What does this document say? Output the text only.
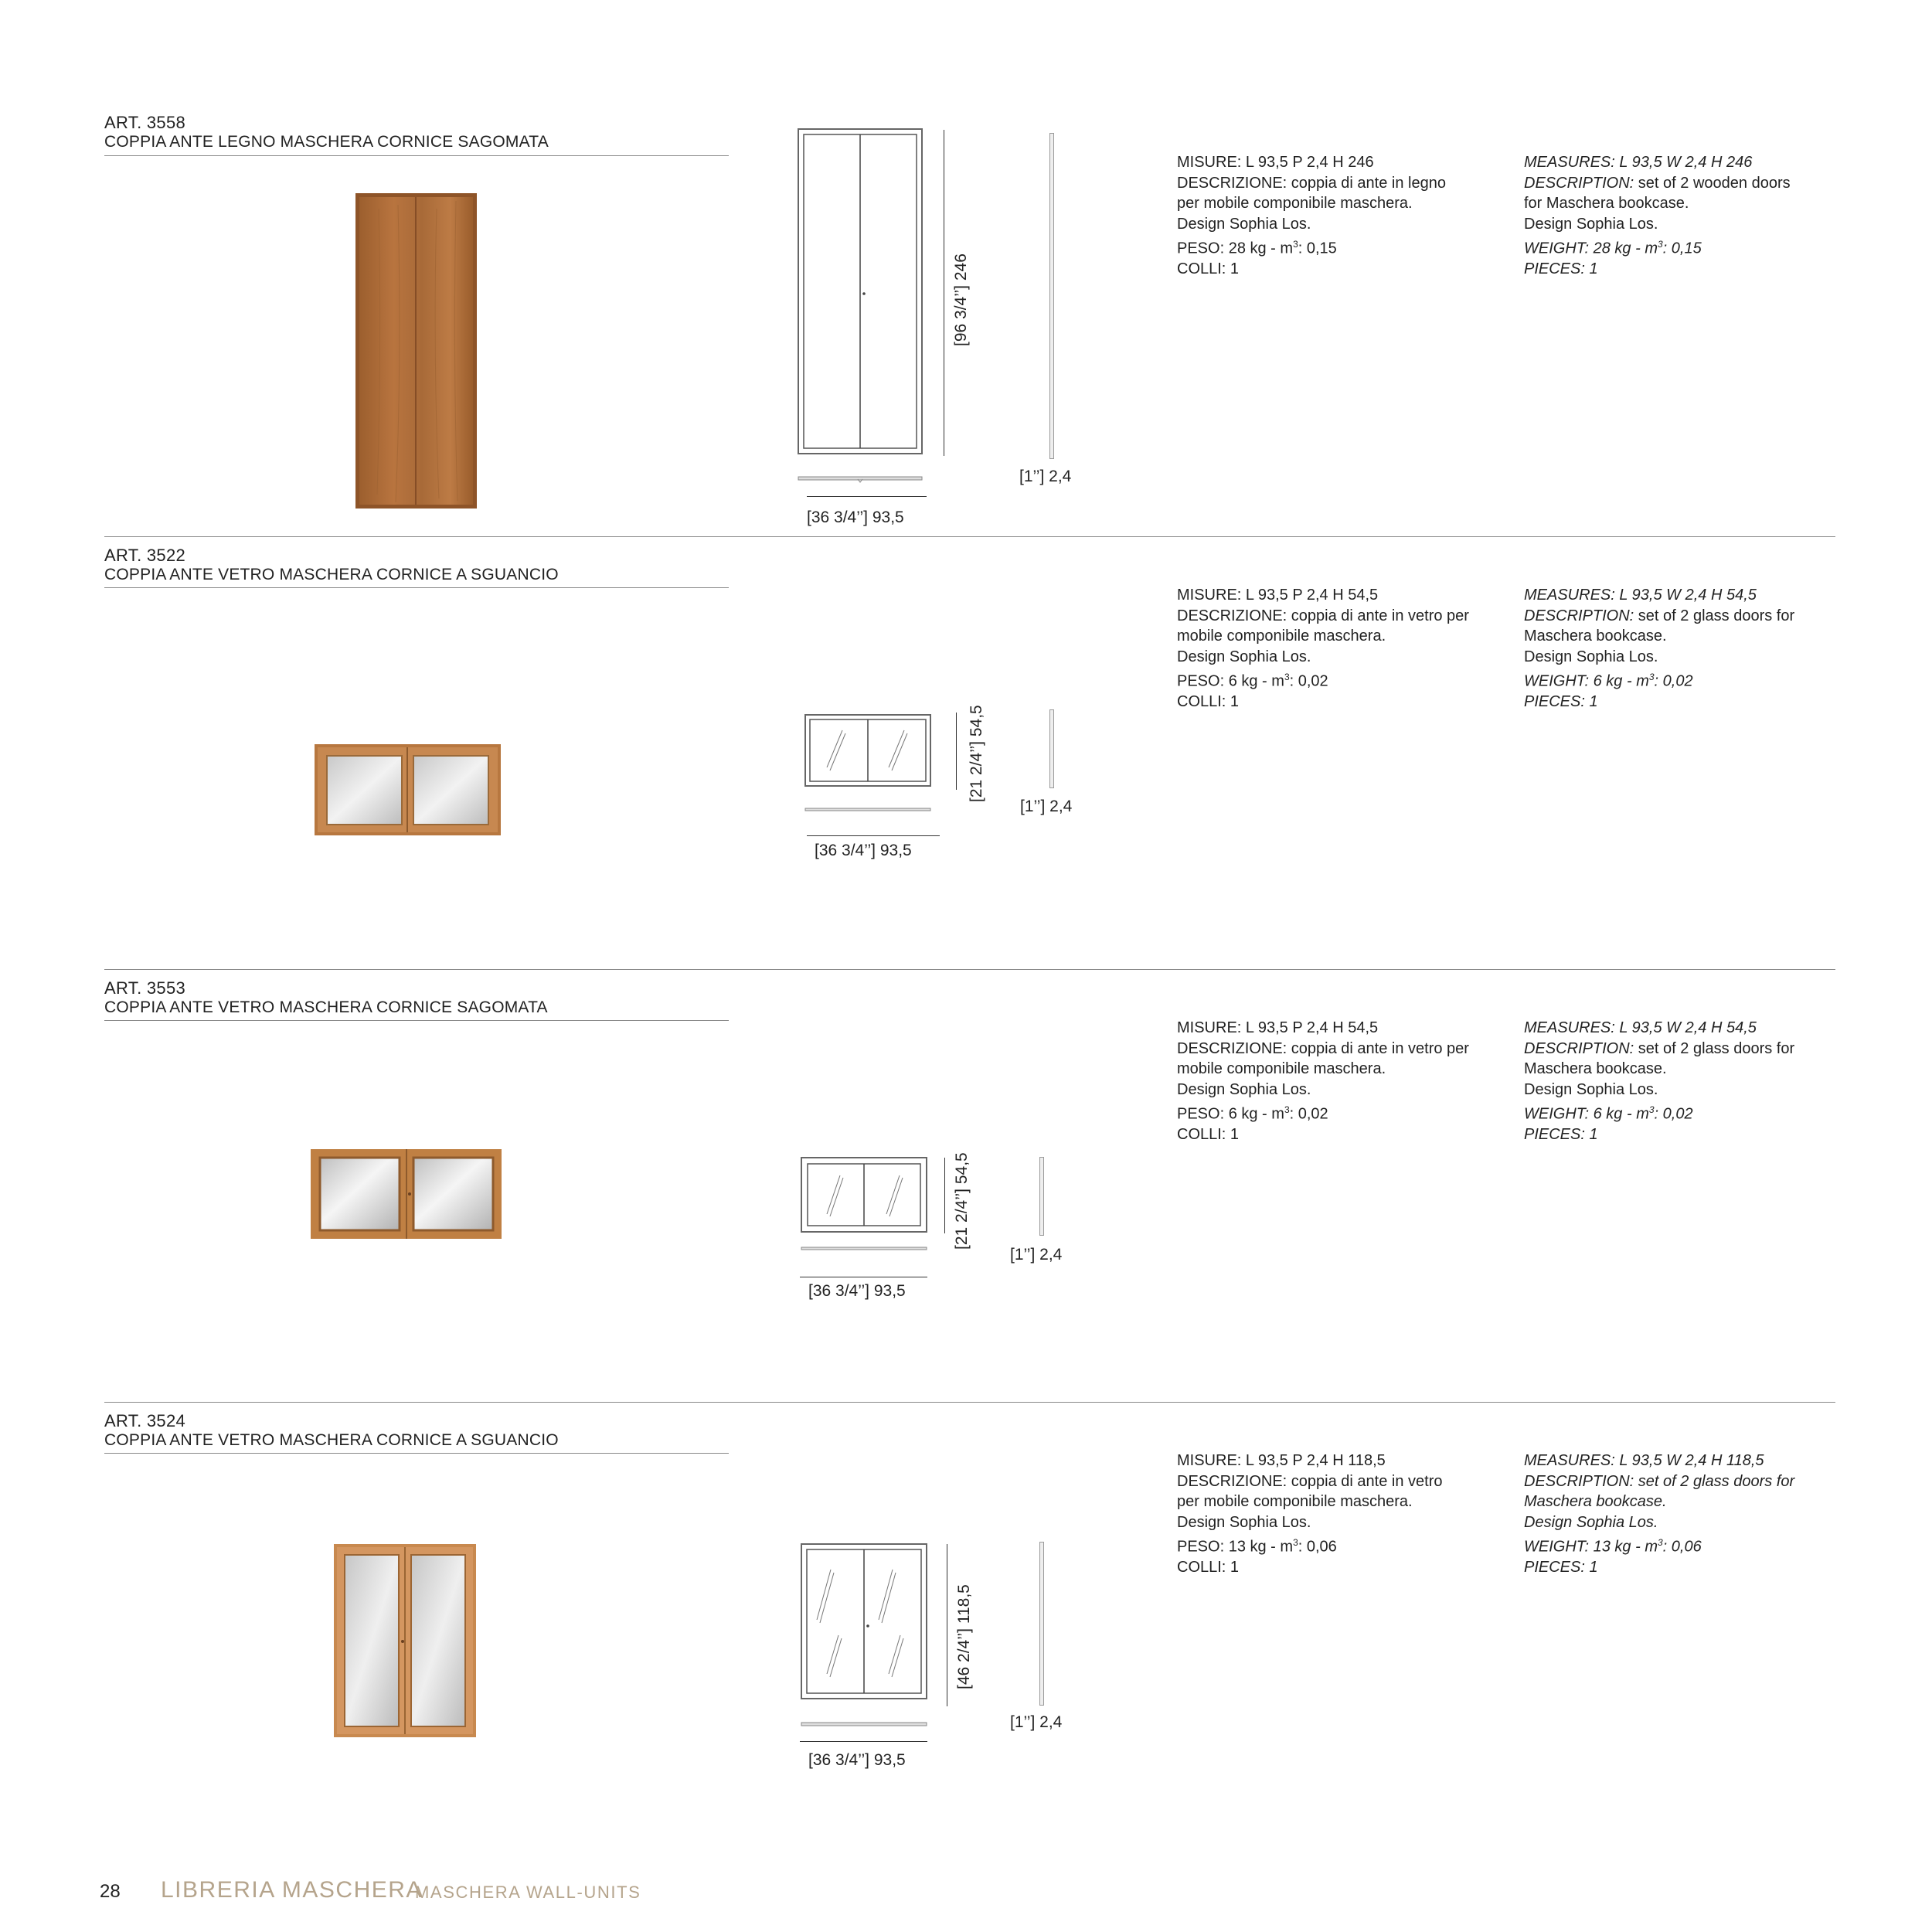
ART. 3558
COPPIA ANTE LEGNO MASCHERA CORNICE SAGOMATA
[96 3/4’’] 246
[36 3/4’’] 93,5
[1’’] 2,4
MISURE: L 93,5 P 2,4 H 246
DESCRIZIONE: coppia di ante in legno
per mobile componibile maschera.
Design Sophia Los.
PESO: 28 kg - $m^3$: 0,15
COLLI: 1
MEASURES: L 93,5 W 2,4 H 246
DESCRIPTION: set of 2 wooden doors
for Maschera bookcase.
Design Sophia Los.
WEIGHT: 28 kg - $m^3$: 0,15
PIECES: 1
ART. 3522
COPPIA ANTE VETRO MASCHERA CORNICE A SGUANCIO
[21 2/4’’] 54,5
[36 3/4’’] 93,5
[1’’] 2,4
MISURE: L 93,5 P 2,4 H 54,5
DESCRIZIONE: coppia di ante in vetro per
mobile componibile maschera.
Design Sophia Los.
PESO: 6 kg - $m^3$: 0,02
COLLI: 1
MEASURES: L 93,5 W 2,4 H 54,5
DESCRIPTION: set of 2 glass doors for
Maschera bookcase.
Design Sophia Los.
WEIGHT: 6 kg - $m^3$: 0,02
PIECES: 1
ART. 3553
COPPIA ANTE VETRO MASCHERA CORNICE SAGOMATA
[21 2/4’’] 54,5
[36 3/4’’] 93,5
[1’’] 2,4
MISURE: L 93,5 P 2,4 H 54,5
DESCRIZIONE: coppia di ante in vetro per
mobile componibile maschera.
Design Sophia Los.
PESO: 6 kg - $m^3$: 0,02
COLLI: 1
MEASURES: L 93,5 W 2,4 H 54,5
DESCRIPTION: set of 2 glass doors for
Maschera bookcase.
Design Sophia Los.
WEIGHT: 6 kg - $m^3$: 0,02
PIECES: 1
ART. 3524
COPPIA ANTE VETRO MASCHERA CORNICE A SGUANCIO
[46 2/4’’] 118,5
[36 3/4’’] 93,5
[1’’] 2,4
MISURE: L 93,5 P 2,4 H 118,5
DESCRIZIONE: coppia di ante in vetro
per mobile componibile maschera.
Design Sophia Los.
PESO: 13 kg - $m^3$: 0,06
COLLI: 1
MEASURES: L 93,5 W 2,4 H 118,5
DESCRIPTION: set of 2 glass doors for
Maschera bookcase.
Design Sophia Los.
WEIGHT: 13 kg - $m^3$: 0,06
PIECES: 1
28 LIBRERIA MASCHERA
MASCHERA WALL-UNITS
